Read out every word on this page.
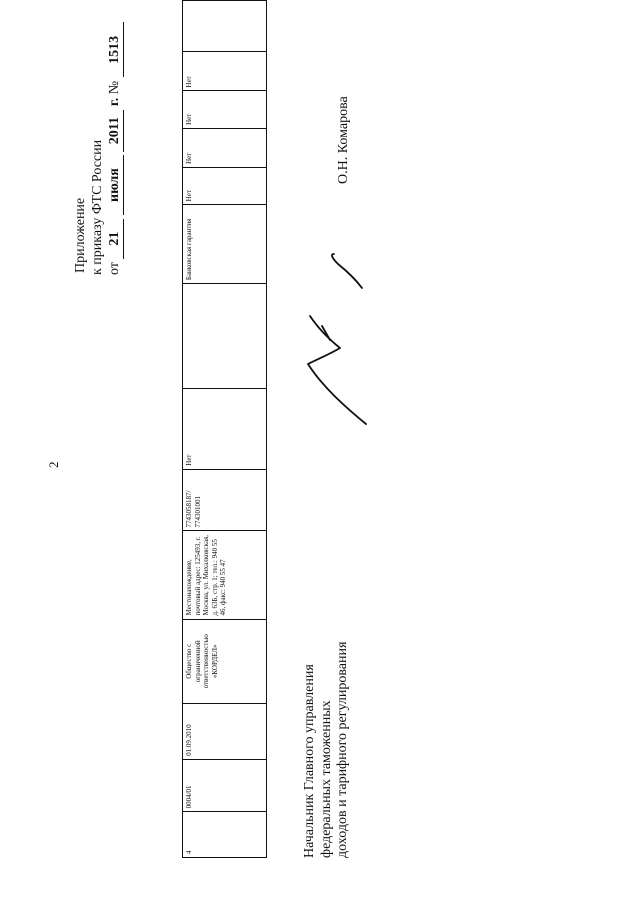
2
Приложение к приказу ФТС России от 21 июля 2011 г. № 1513
4	0004/01	01.09.2010	Общество с ограниченной ответственностью «КОРДЕЛ»	Местонахождение, почтовый адрес: 125493, г. Москва, ул. Михалковская, д. 63Б, стр. 1; тел.: 940 55 46, факс: 940 55 47	7743058187/ 774301001	Нет		Банковская гарантия	Нет	Нет	Нет	Нет	
Начальник Главного управления федеральных таможенных доходов и тарифного регулирования
О.Н. Комарова
